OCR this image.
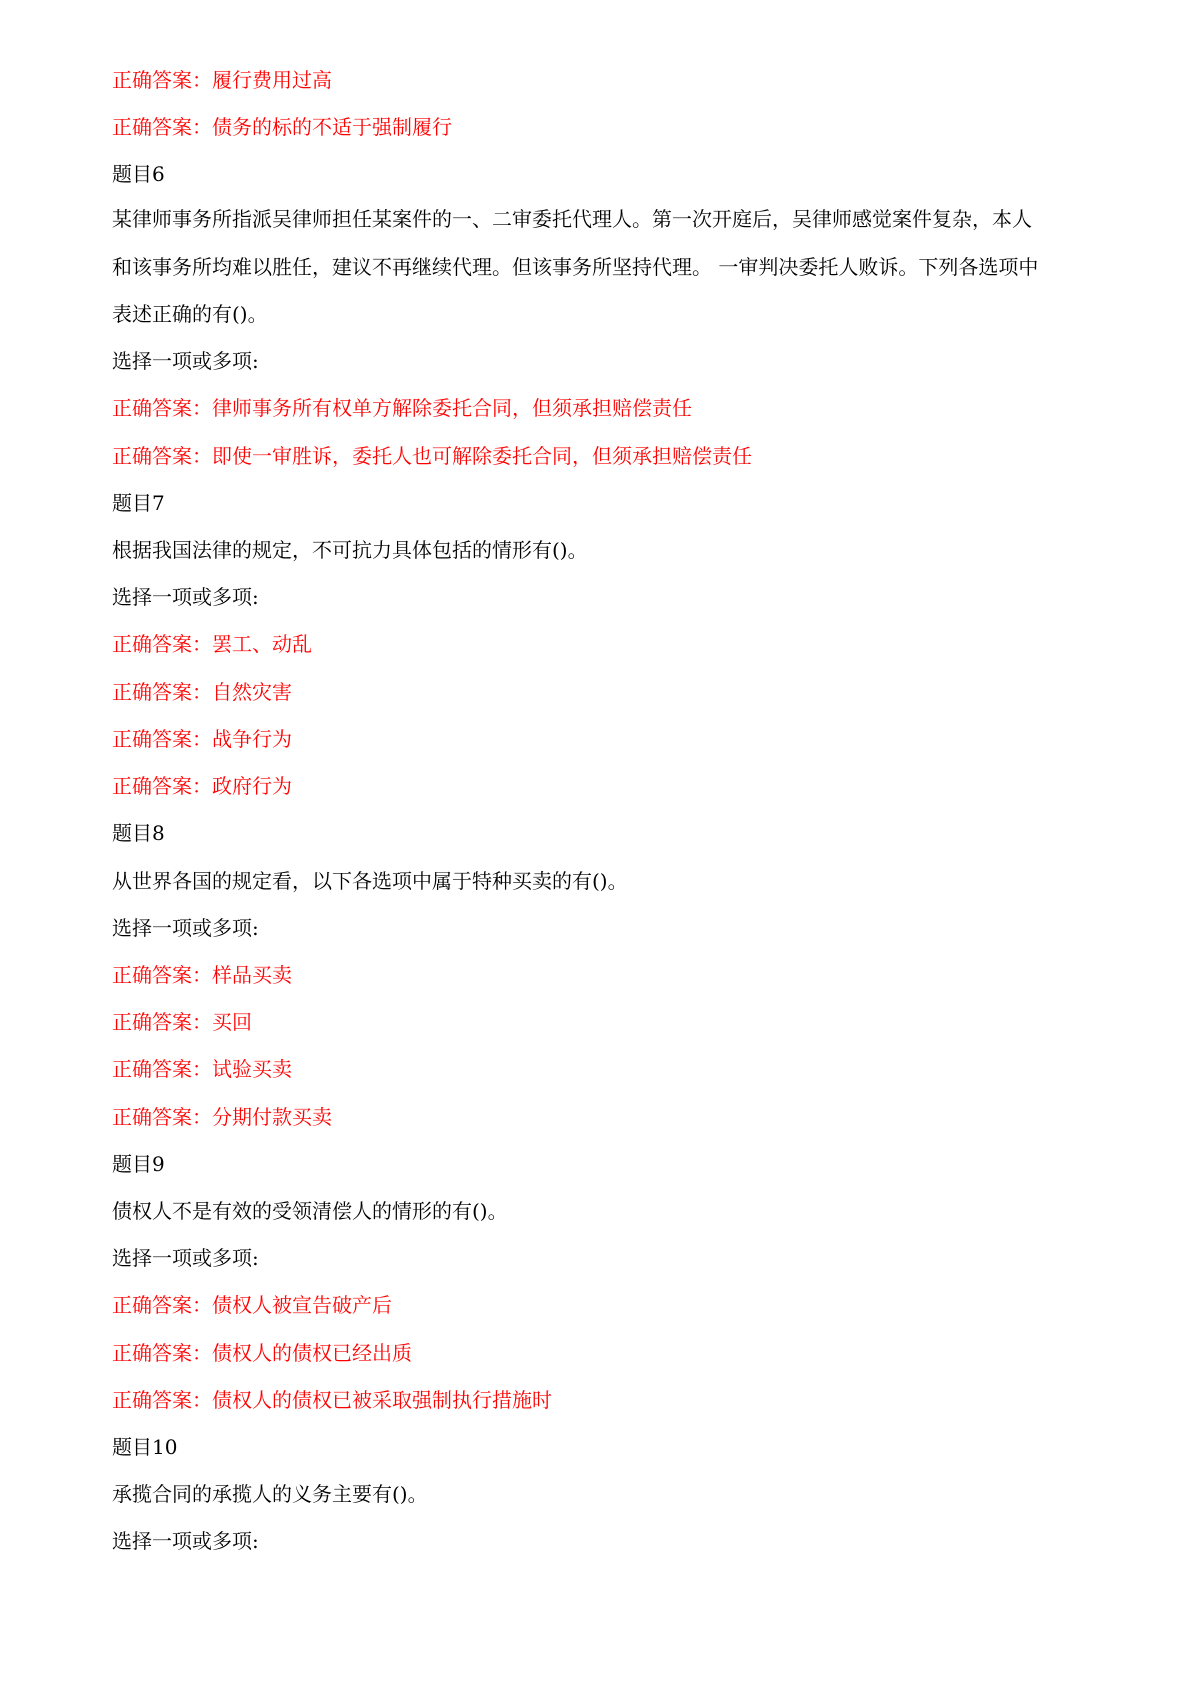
正确答案：履行费用过高
正确答案：债务的标的不适于强制履行
题目6
某律师事务所指派吴律师担任某案件的一、二审委托代理人。第一次开庭后，吴律师感觉案件复杂，本人
和该事务所均难以胜任，建议不再继续代理。但该事务所坚持代理。 一审判决委托人败诉。下列各选项中
表述正确的有()。
选择一项或多项:
正确答案：律师事务所有权单方解除委托合同，但须承担赔偿责任
正确答案：即使一审胜诉，委托人也可解除委托合同，但须承担赔偿责任
题目7
根据我国法律的规定，不可抗力具体包括的情形有()。
选择一项或多项:
正确答案：罢工、动乱
正确答案：自然灾害
正确答案：战争行为
正确答案：政府行为
题目8
从世界各国的规定看，以下各选项中属于特种买卖的有()。
选择一项或多项:
正确答案：样品买卖
正确答案：买回
正确答案：试验买卖
正确答案：分期付款买卖
题目9
债权人不是有效的受领清偿人的情形的有()。
选择一项或多项:
正确答案：债权人被宣告破产后
正确答案：债权人的债权已经出质
正确答案：债权人的债权已被采取强制执行措施时
题目10
承揽合同的承揽人的义务主要有()。
选择一项或多项:
